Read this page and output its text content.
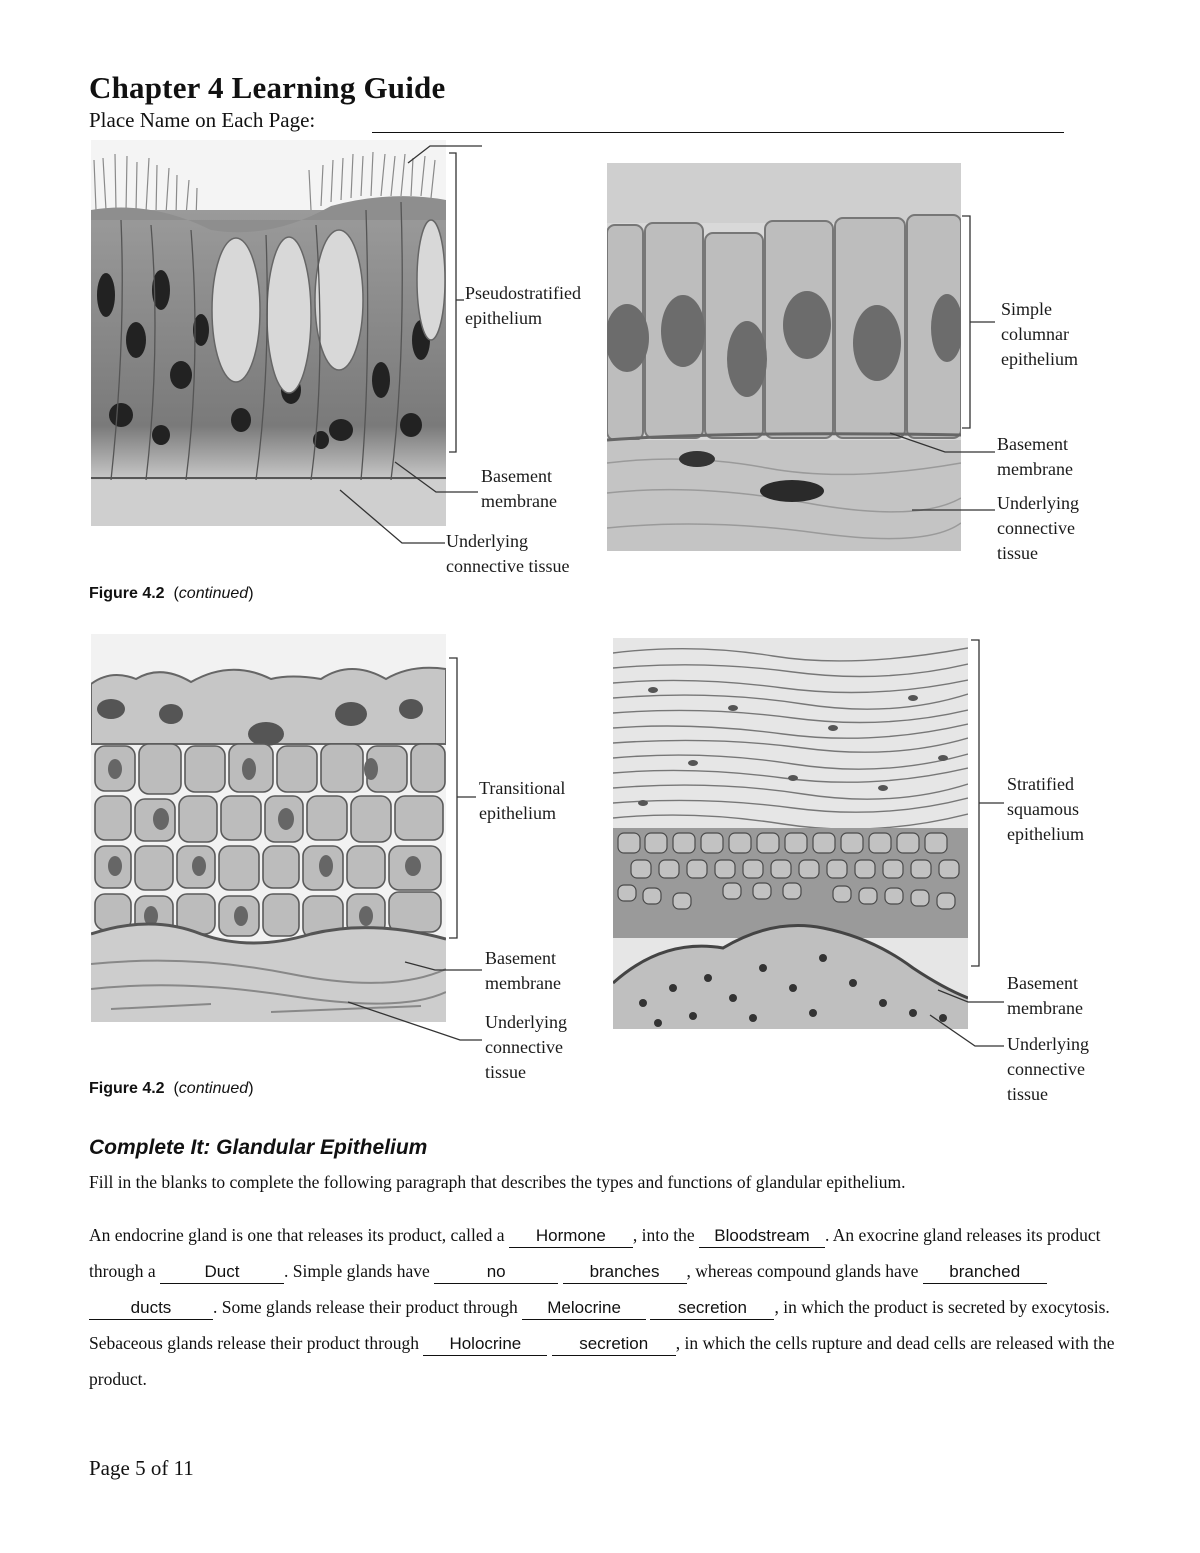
Chapter 4 Learning Guide
Place Name on Each Page:
Pseudostratified
epithelium
Basement
membrane
Underlying
connective tissue
Figure 4.2  (continued)
Simple
columnar
epithelium
Basement
membrane
Underlying
connective
tissue
Transitional
epithelium
Basement
membrane
Underlying
connective
tissue
Figure 4.2  (continued)
Stratified
squamous
epithelium
Basement
membrane
Underlying
connective
tissue
Complete It: Glandular Epithelium
Fill in the blanks to complete the following paragraph that describes the types and functions of glandular epithelium.
An endocrine gland is one that releases its product, called a Hormone , into the Bloodstream . An exocrine gland releases its product through a	Duct	. Simple glands have	no	branches , whereas compound glands have branched ducts . Some glands release their product through Melocrine	secretion , in which the product is secreted by exocytosis. Sebaceous glands release their product through Holocrine	secretion , in which the cells rupture and dead cells are released with the product.
Page 5 of 11
